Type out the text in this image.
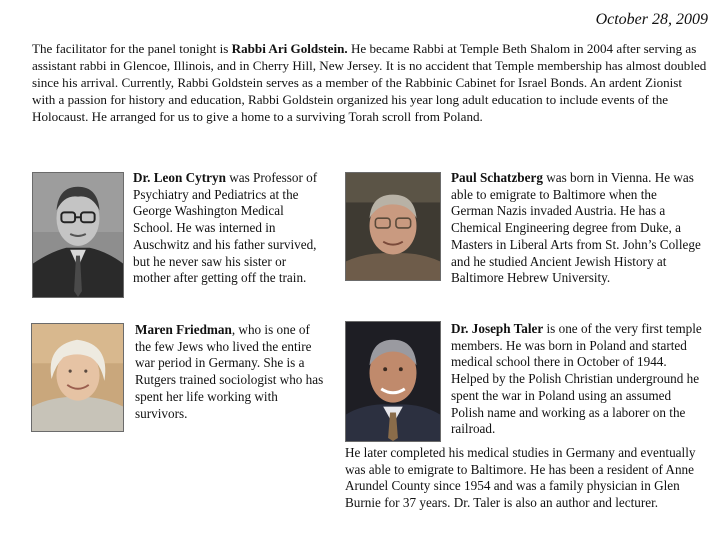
October 28, 2009

The facilitator for the panel tonight is Rabbi Ari Goldstein. He became Rabbi at Temple Beth Shalom in 2004 after serving as assistant rabbi in Glencoe, Illinois, and in Cherry Hill, New Jersey. It is no accident that Temple membership has almost doubled since his arrival. Currently, Rabbi Goldstein serves as a member of the Rabbinic Cabinet for Israel Bonds. An ardent Zionist with a passion for history and education, Rabbi Goldstein organized his year long adult education to include events of the Holocaust. He arranged for us to give a home to a surviving Torah scroll from Poland.

Dr. Leon Cytryn was Professor of Psychiatry and Pediatrics at the George Washington Medical School. He was interned in Auschwitz and his father survived, but he never saw his sister or mother after getting off the train.

Maren Friedman, who is one of the few Jews who lived the entire war period in Germany. She is a Rutgers trained sociologist who has spent her life working with survivors.

Paul Schatzberg was born in Vienna. He was able to emigrate to Baltimore when the German Nazis invaded Austria. He has a Chemical Engineering degree from Duke, a Masters in Liberal Arts from St. John’s College and he studied Ancient Jewish History at Baltimore Hebrew University.

Dr. Joseph Taler is one of the very first temple members. He was born in Poland and started medical school there in October of 1944. Helped by the Polish Christian underground he spent the war in Poland using an assumed Polish name and working as a laborer on the railroad.

He later completed his medical studies in Germany and eventually was able to emigrate to Baltimore. He has been a resident of Anne Arundel County since 1954 and was a family physician in Glen Burnie for 37 years. Dr. Taler is also an author and lecturer.
